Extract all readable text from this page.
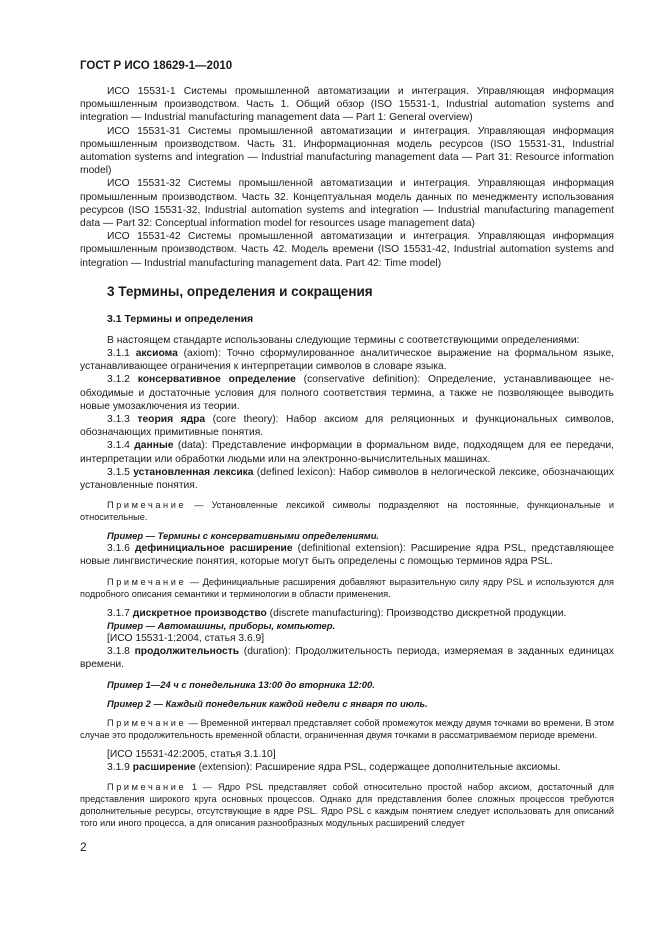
ГОСТ Р ИСО 18629-1—2010

ИСО 15531-1 Системы промышленной автоматизации и интеграция. Управляющая информация промышленным производством. Часть 1. Общий обзор (ISO 15531-1, Industrial automation systems and integration — Industrial manufacturing management data — Part 1: General overview)

ИСО 15531-31 Системы промышленной автоматизации и интеграция. Управляющая информация промышленным производством. Часть 31. Информационная модель ресурсов (ISO 15531-31, Industrial automation systems and integration — Industrial manufacturing management data — Part 31: Resource information model)

ИСО 15531-32 Системы промышленной автоматизации и интеграция. Управляющая информация промышленным производством. Часть 32. Концептуальная модель данных по менеджменту использования ресурсов (ISO 15531-32, Industrial automation systems and integration — Industrial manufacturing management data — Part 32: Conceptual information model for resources usage management data)

ИСО 15531-42 Системы промышленной автоматизации и интеграция. Управляющая информация промышленным производством. Часть 42. Модель времени (ISO 15531-42, Industrial automation systems and integration — Industrial manufacturing management data. Part 42: Time model)

3 Термины, определения и сокращения
3.1 Термины и определения

В настоящем стандарте использованы следующие термины с соответствующими определениями:

3.1.1 аксиома (axiom): Точно сформулированное аналитическое выражение на формальном языке, устанавливающее ограничения к интерпретации символов в словаре языка.

3.1.2 консервативное определение (conservative definition): Определение, устанавливающее необходимые и достаточные условия для полного соответствия термина, а также не позволяющее выводить новые умозаключения из теории.

3.1.3 теория ядра (core theory): Набор аксиом для реляционных и функциональных символов, обозначающих примитивные понятия.

3.1.4 данные (data): Представление информации в формальном виде, подходящем для ее передачи, интерпретации или обработки людьми или на электронно-вычислительных машинах.

3.1.5 установленная лексика (defined lexicon): Набор символов в нелогической лексике, обозначающих установленные понятия.

Примечание — Установленные лексикой символы подразделяют на постоянные, функциональные и относительные.

Пример — Термины с консервативными определениями.

3.1.6 дефинициальное расширение (definitional extension): Расширение ядра PSL, представляющее новые лингвистические понятия, которые могут быть определены с помощью терминов ядра PSL.

Примечание — Дефинициальные расширения добавляют выразительную силу ядру PSL и используются для подробного описания семантики и терминологии в области применения.

3.1.7 дискретное производство (discrete manufacturing): Производство дискретной продукции.

Пример — Автомашины, приборы, компьютер.

[ИСО 15531-1:2004, статья 3.6.9]

3.1.8 продолжительность (duration): Продолжительность периода, измеряемая в заданных единицах времени.

Пример 1—24 ч с понедельника 13:00 до вторника 12:00.

Пример 2 — Каждый понедельник каждой недели с января по июль.

Примечание — Временной интервал представляет собой промежуток между двумя точками во времени. В этом случае это продолжительность временной области, ограниченная двумя точками в рассматриваемом периоде времени.

[ИСО 15531-42:2005, статья 3.1.10]

3.1.9 расширение (extension): Расширение ядра PSL, содержащее дополнительные аксиомы.

Примечание 1 — Ядро PSL представляет собой относительно простой набор аксиом, достаточный для представления широкого круга основных процессов. Однако для представления более сложных процессов требуются дополнительные ресурсы, отсутствующие в ядре PSL. Ядро PSL с каждым понятием следует использовать для описаний того или иного процесса, а для описания разнообразных модульных расширений следует

2
